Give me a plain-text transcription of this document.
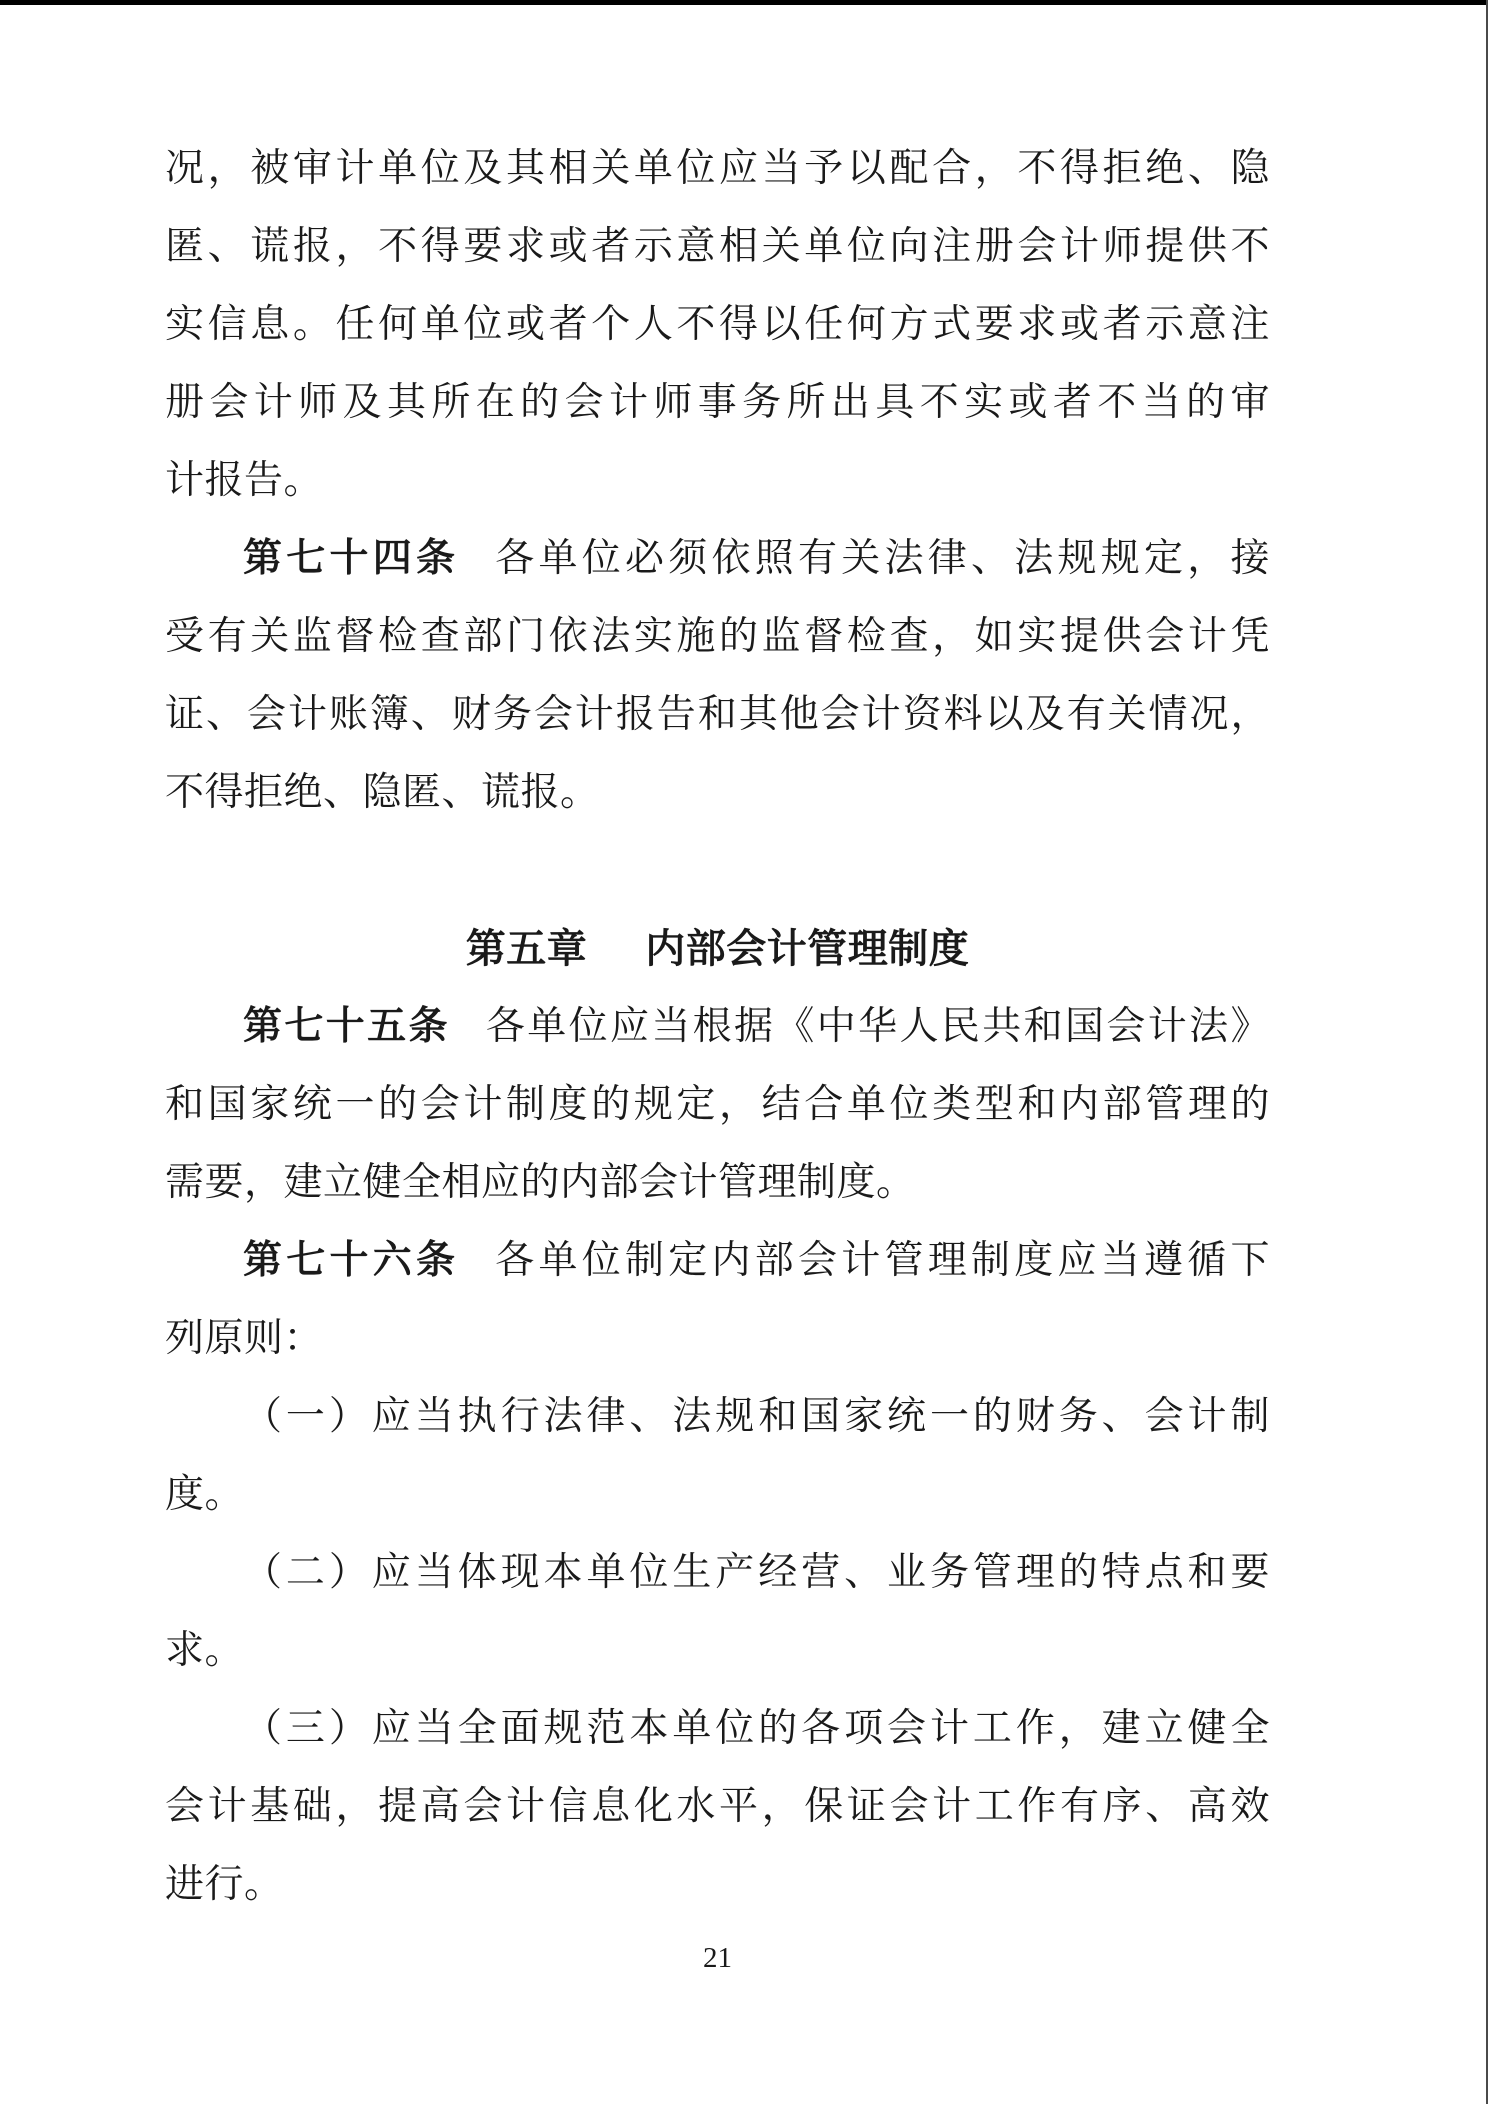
况，被审计单位及其相关单位应当予以配合，不得拒绝、隐
匿、谎报，不得要求或者示意相关单位向注册会计师提供不
实信息。任何单位或者个人不得以任何方式要求或者示意注
册会计师及其所在的会计师事务所出具不实或者不当的审
计报告。
第七十四条 各单位必须依照有关法律、法规规定，接
受有关监督检查部门依法实施的监督检查，如实提供会计凭
证、会计账簿、财务会计报告和其他会计资料以及有关情况，
不得拒绝、隐匿、谎报。
第五章 内部会计管理制度
第七十五条 各单位应当根据《中华人民共和国会计法》
和国家统一的会计制度的规定，结合单位类型和内部管理的
需要，建立健全相应的内部会计管理制度。
第七十六条 各单位制定内部会计管理制度应当遵循下
列原则：
（一）应当执行法律、法规和国家统一的财务、会计制
度。
（二）应当体现本单位生产经营、业务管理的特点和要
求。
（三）应当全面规范本单位的各项会计工作，建立健全
会计基础，提高会计信息化水平，保证会计工作有序、高效
进行。
21
